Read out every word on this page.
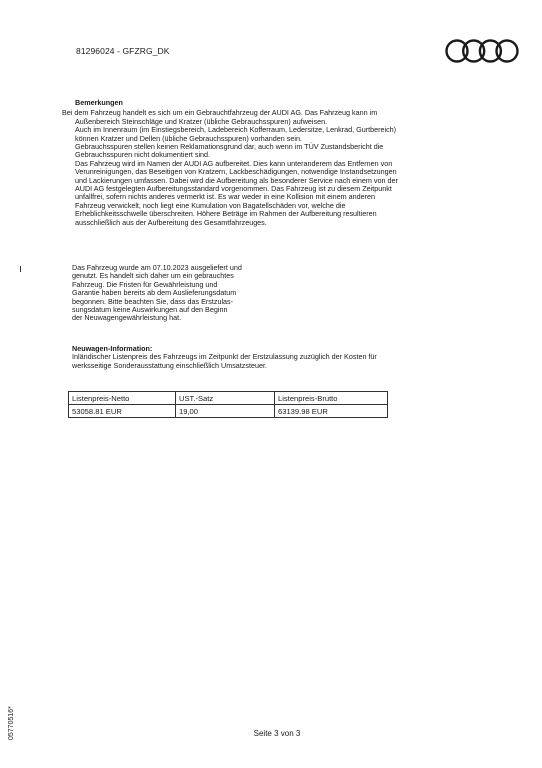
81296024 - GFZRG_DK
Bemerkungen

Bei dem Fahrzeug handelt es sich um ein Gebrauchtfahrzeug der AUDI AG. Das Fahrzeug kann im

Außenbereich Steinschläge und Kratzer (übliche Gebrauchsspuren) aufweisen.

Auch im Innenraum (im Einstiegsbereich, Ladebereich Kofferraum, Ledersitze, Lenkrad, Gurtbereich)

können Kratzer und Dellen (übliche Gebrauchsspuren) vorhanden sein.

Gebrauchsspuren stellen keinen Reklamationsgrund dar, auch wenn im TÜV Zustandsbericht die

Gebrauchsspuren nicht dokumentiert sind.

Das Fahrzeug wird im Namen der AUDI AG aufbereitet. Dies kann unteranderem das Entfernen von

Verunreinigungen, das Beseitigen von Kratzern, Lackbeschädigungen, notwendige Instandsetzungen

und Lackierungen umfassen. Dabei wird die Aufbereitung als besonderer Service nach einem von der

AUDI AG festgelegten Aufbereitungsstandard vorgenommen. Das Fahrzeug ist zu diesem Zeitpunkt

unfallfrei, sofern nichts anderes vermerkt ist. Es war weder in eine Kollision mit einem anderen

Fahrzeug verwickelt, noch liegt eine Kumulation von Bagatellschäden vor, welche die

Erheblichkeitsschwelle überschreiten. Höhere Beträge im Rahmen der Aufbereitung resultieren

ausschließlich aus der Aufbereitung des Gesamtfahrzeuges.

Das Fahrzeug wurde am 07.10.2023 ausgeliefert und

genutzt. Es handelt sich daher um ein gebrauchtes

Fahrzeug. Die Fristen für Gewährleistung und

Garantie haben bereits ab dem Auslieferungsdatum

begonnen. Bitte beachten Sie, dass das Erstzulas-

sungsdatum keine Auswirkungen auf den Beginn

der Neuwagengewährleistung hat.

Neuwagen-Information:

Inländischer Listenpreis des Fahrzeugs im Zeitpunkt der Erstzulassung zuzüglich der Kosten für

werksseitige Sonderausstattung einschließlich Umsatzsteuer.

Listenpreis-Netto	UST.-Satz	Listenpreis-Brutto
53058.81 EUR	19,00	63139.98 EUR
05770516*	Seite 3 von 3
